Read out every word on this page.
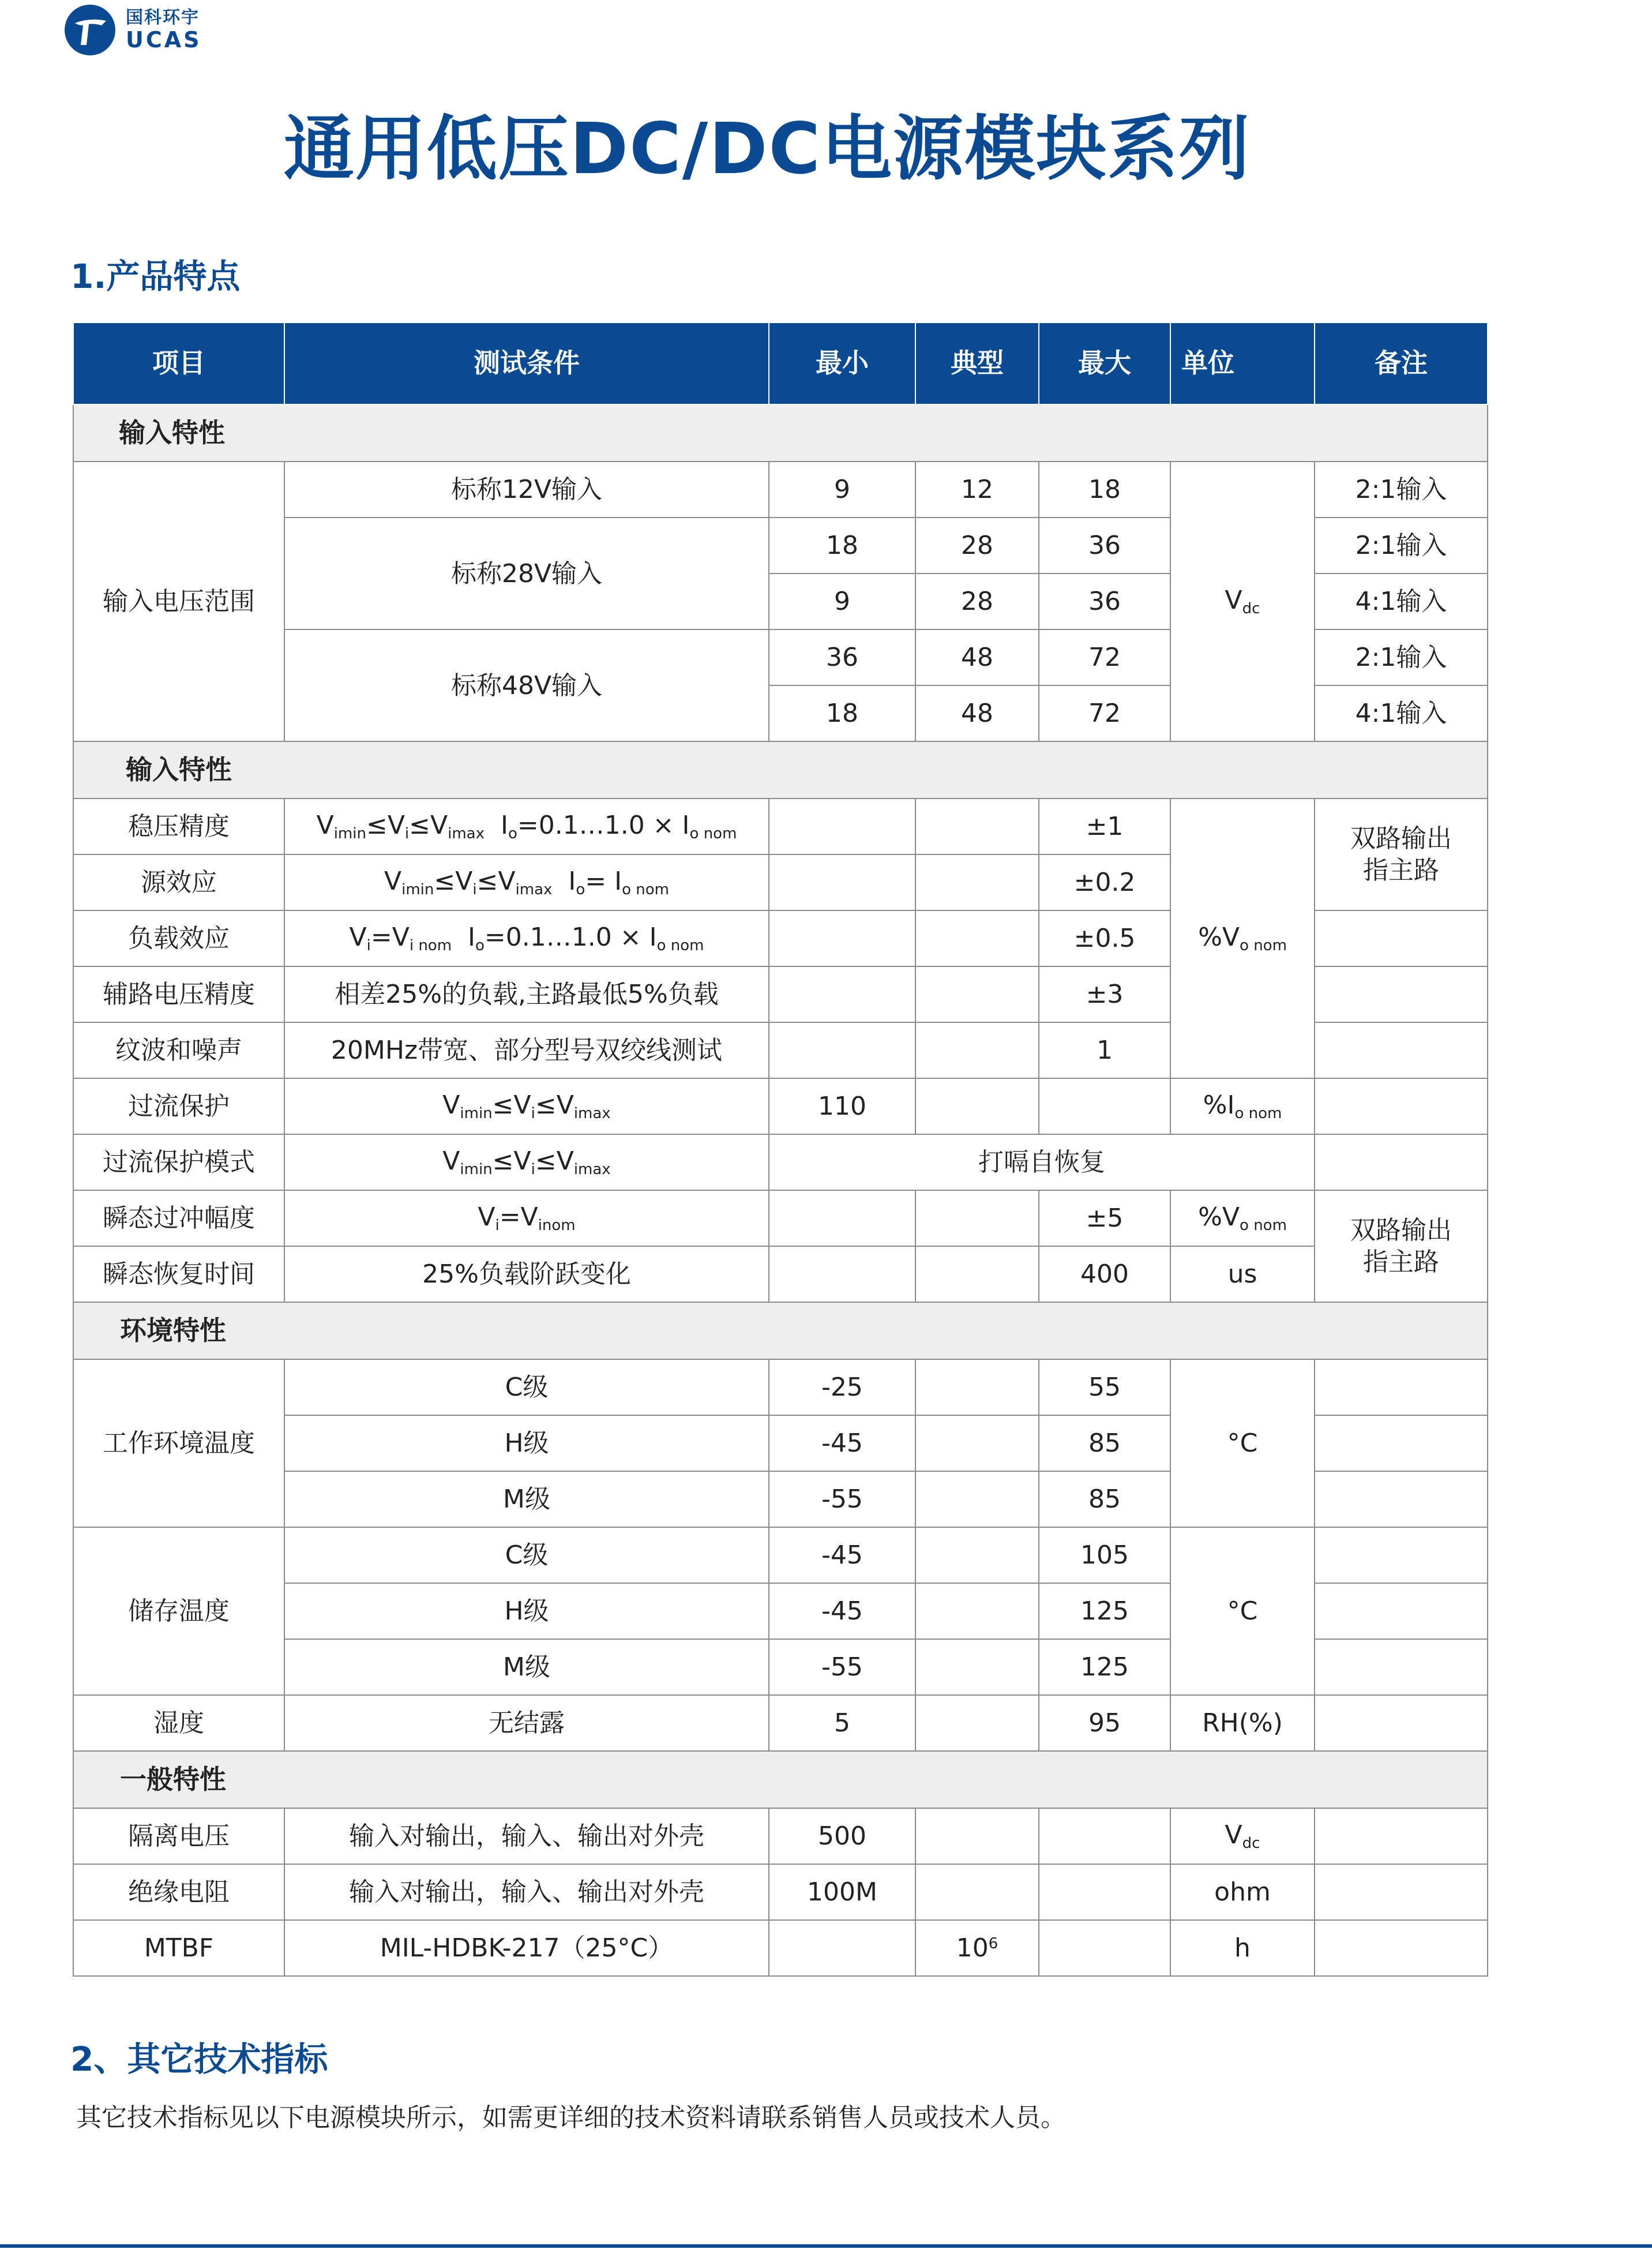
国科环宇
UCAS
通用低压DC/DC电源模块系列
1.产品特点
项目	测试条件	最小	典型	最大	单位	备注
输入特性						
输入电压范围	标称12V输入	9	12	18	$V_{dc}$	2:1输入
	标称28V输入	18	28	36		2:1输入
		9	28	36		4:1输入
	标称48V输入	36	48	72		2:1输入
		18	48	72		4:1输入
输入特性						
稳压精度	$V_{imin}\le V_i\le V_{imax}$  $I_o=0.1\dots 1.0 \times I_{o nom}$			±1	$\%V_{o nom}$	双路输出指主路
源效应	$V_{imin}\le V_i\le V_{imax}$  $I_o= I_{o nom}$			±0.2		
负载效应	$V_i=V_{i nom}$  $I_o=0.1\dots 1.0 \times I_{o nom}$			±0.5		
辅路电压精度	相差25%的负载,主路最低5%负载			±3		
纹波和噪声	20MHz带宽、部分型号双绞线测试			1		
过流保护	$V_{imin}\le V_i\le V_{imax}$	110			$\%I_{o nom}$	
过流保护模式	$V_{imin}\le V_i\le V_{imax}$	打嗝自恢复				
瞬态过冲幅度	$V_i=V_{inom}$			±5	$\%V_{o nom}$	双路输出指主路
瞬态恢复时间	25%负载阶跃变化			400	us	
环境特性						
工作环境温度	C级	-25		55	°C	
	H级	-45		85		
	M级	-55		85		
储存温度	C级	-45		105	°C	
	H级	-45		125		
	M级	-55		125		
湿度	无结露	5		95	RH(%)	
一般特性						
隔离电压	输入对输出，输入、输出对外壳	500			$V_{dc}$	
绝缘电阻	输入对输出，输入、输出对外壳	100M			ohm	
MTBF	MIL-HDBK-217（25°C）		$10^6$		h	
2、其它技术指标
其它技术指标见以下电源模块所示，如需更详细的技术资料请联系销售人员或技术人员。
